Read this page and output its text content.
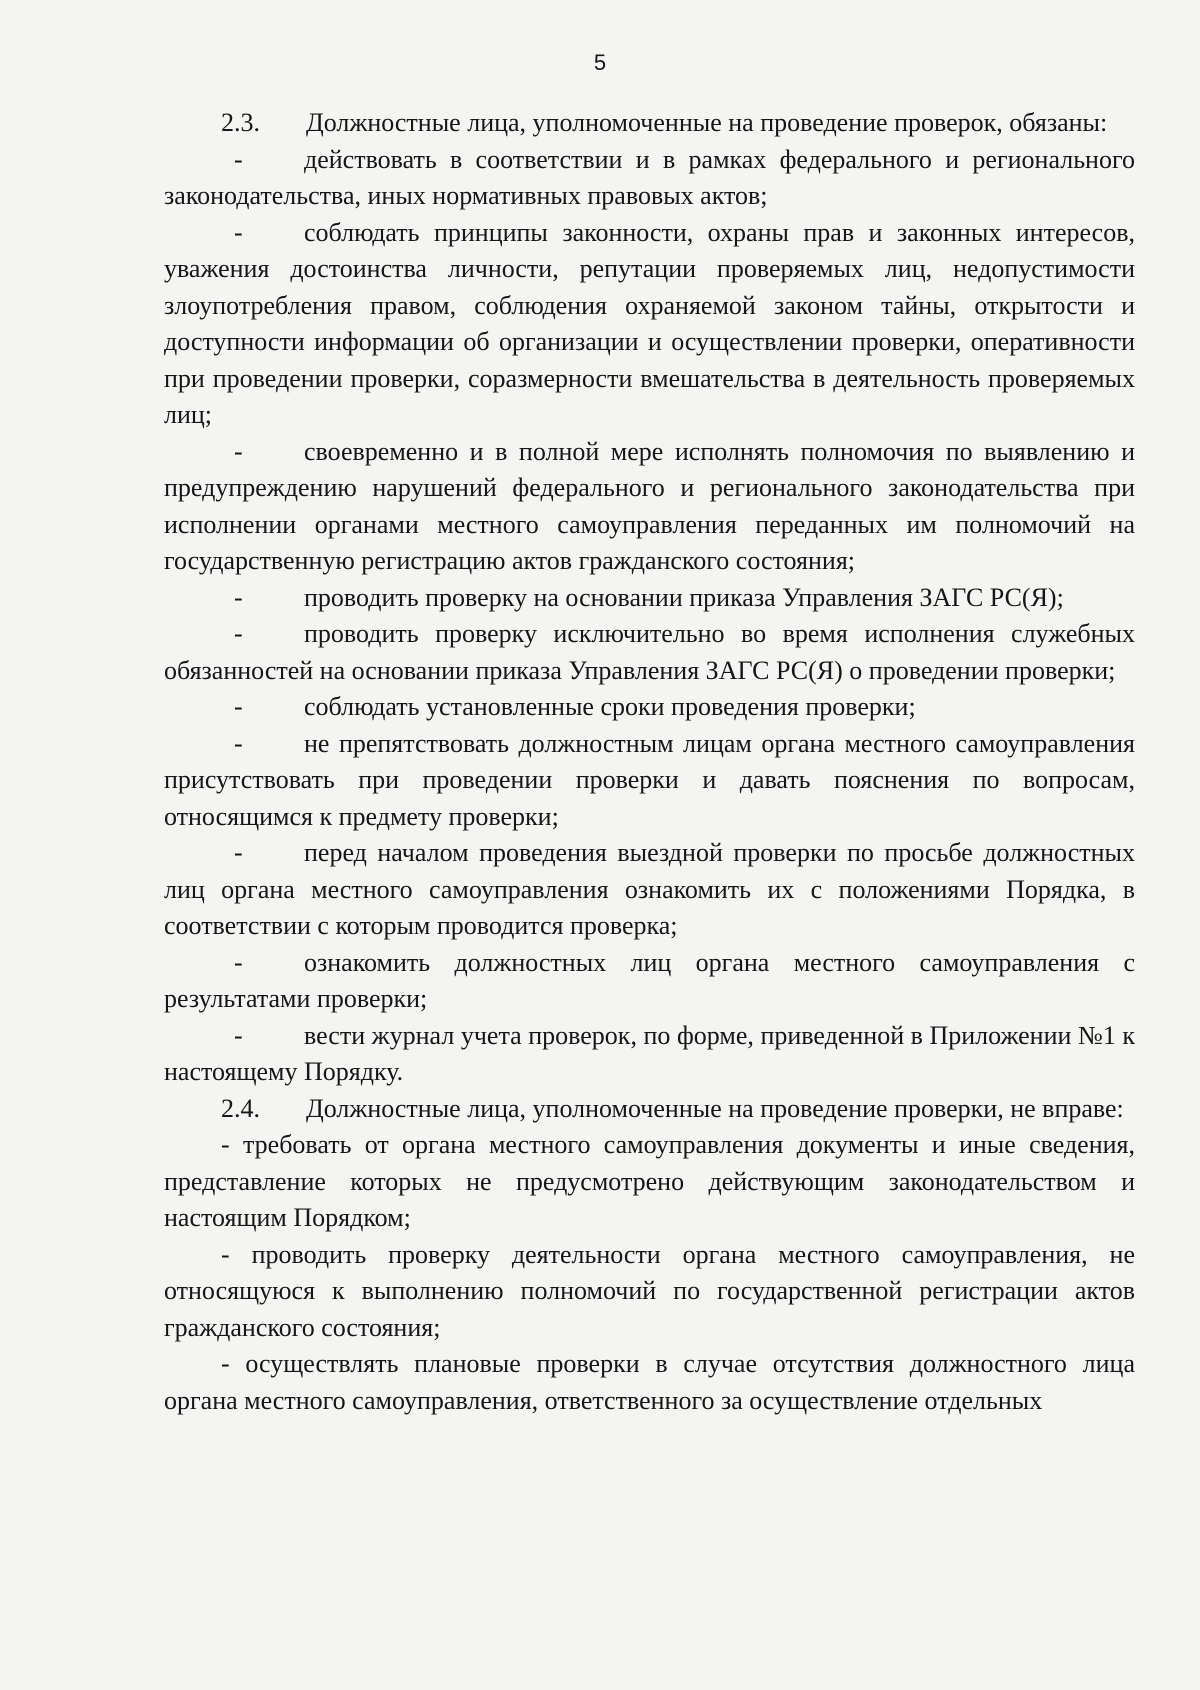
5

2.3. Должностные лица, уполномоченные на проведение проверок, обязаны:

- действовать в соответствии и в рамках федерального и регионального законодательства, иных нормативных правовых актов;

- соблюдать принципы законности, охраны прав и законных интересов, уважения достоинства личности, репутации проверяемых лиц, недопустимости злоупотребления правом, соблюдения охраняемой законом тайны, открытости и доступности информации об организации и осуществлении проверки, оперативности при проведении проверки, соразмерности вмешательства в деятельность проверяемых лиц;

- своевременно и в полной мере исполнять полномочия по выявлению и предупреждению нарушений федерального и регионального законодательства при исполнении органами местного самоуправления переданных им полномочий на государственную регистрацию актов гражданского состояния;

- проводить проверку на основании приказа Управления ЗАГС РС(Я);

- проводить проверку исключительно во время исполнения служебных обязанностей на основании приказа Управления ЗАГС РС(Я) о проведении проверки;

- соблюдать установленные сроки проведения проверки;

- не препятствовать должностным лицам органа местного самоуправления присутствовать при проведении проверки и давать пояснения по вопросам, относящимся к предмету проверки;

- перед началом проведения выездной проверки по просьбе должностных лиц органа местного самоуправления ознакомить их с положениями Порядка, в соответствии с которым проводится проверка;

- ознакомить должностных лиц органа местного самоуправления с результатами проверки;

- вести журнал учета проверок, по форме, приведенной в Приложении №1 к настоящему Порядку.

2.4. Должностные лица, уполномоченные на проведение проверки, не вправе:

- требовать от органа местного самоуправления документы и иные сведения, представление которых не предусмотрено действующим законодательством и настоящим Порядком;

- проводить проверку деятельности органа местного самоуправления, не относящуюся к выполнению полномочий по государственной регистрации актов гражданского состояния;

- осуществлять плановые проверки в случае отсутствия должностного лица органа местного самоуправления, ответственного за осуществление отдельных
